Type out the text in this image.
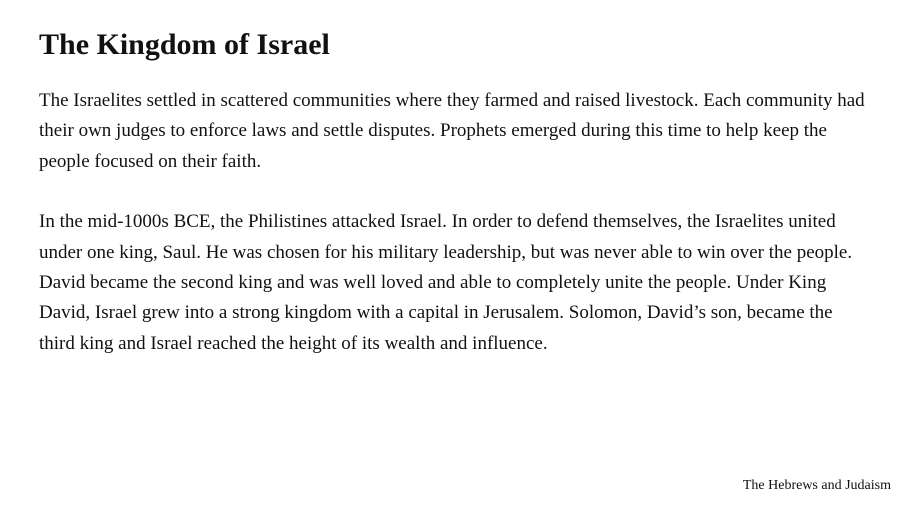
The Kingdom of Israel

The Israelites settled in scattered communities where they farmed and raised livestock. Each community had their own judges to enforce laws and settle disputes. Prophets emerged during this time to help keep the people focused on their faith.

In the mid-1000s BCE, the Philistines attacked Israel. In order to defend themselves, the Israelites united under one king, Saul. He was chosen for his military leadership, but was never able to win over the people. David became the second king and was well loved and able to completely unite the people. Under King David, Israel grew into a strong kingdom with a capital in Jerusalem. Solomon, David’s son, became the third king and Israel reached the height of its wealth and influence.

The Hebrews and Judaism
